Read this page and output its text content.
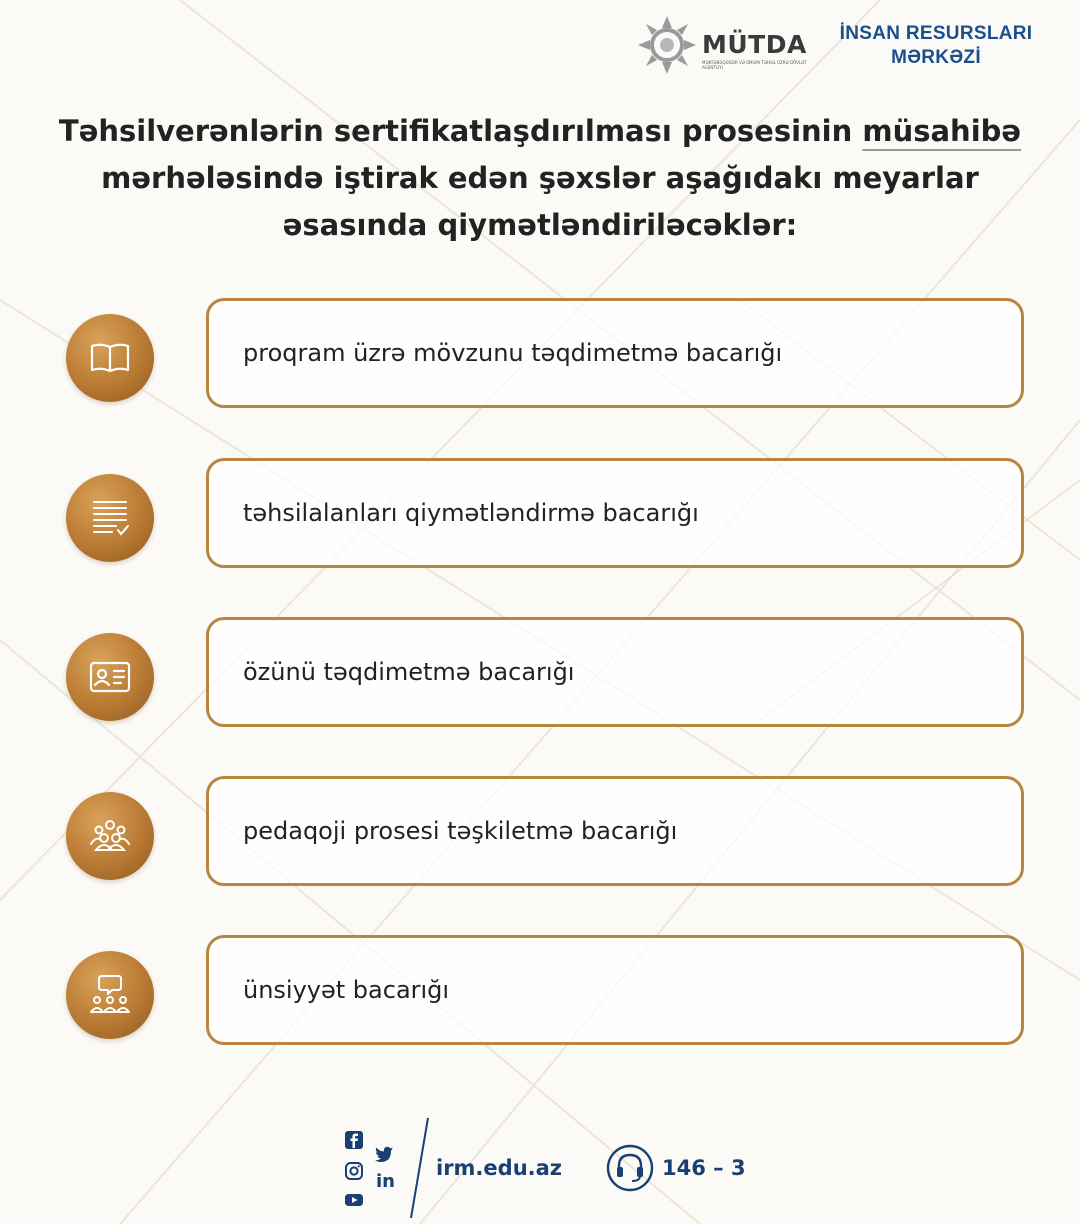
MÜTDA
MƏKTƏBƏQƏDƏR VƏ ÜMUMI TƏHSIL ÜZRƏ DÖVLƏT AGENTLIYI
İNSAN RESURSLARI
MƏRKƏZİ
Təhsilverənlərin sertifikatlaşdırılması prosesinin müsahibə
mərhələsində iştirak edən şəxslər aşağıdakı meyarlar əsasında qiymətləndiriləcəklər:
proqram üzrə mövzunu təqdimetmə bacarığı
təhsilalanları qiymətləndirmə bacarığı
özünü təqdimetmə bacarığı
pedaqoji prosesi təşkiletmə bacarığı
ünsiyyət bacarığı
in
irm.edu.az	146 – 3
